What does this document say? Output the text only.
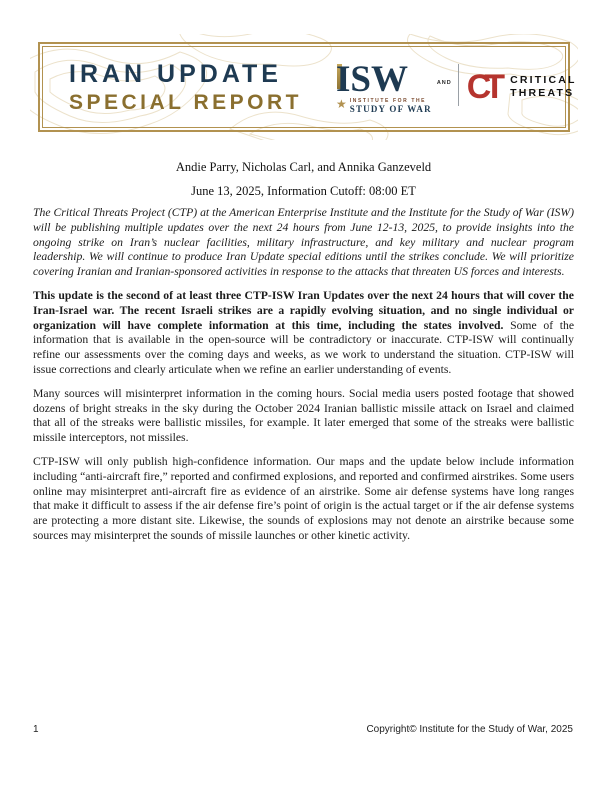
IRAN UPDATE
SPECIAL REPORT
ISW
★ INSTITUTE FOR THE
STUDY OF WAR
AND CT	CRITICAL
THREATS
Andie Parry, Nicholas Carl, and Annika Ganzeveld
June 13, 2025, Information Cutoff: 08:00 ET

The Critical Threats Project (CTP) at the American Enterprise Institute and the Institute for the Study of War (ISW) will be publishing multiple updates over the next 24 hours from June 12-13, 2025, to provide insights into the ongoing strike on Iran’s nuclear facilities, military infrastructure, and key military and nuclear program leadership. We will continue to produce Iran Update special editions until the strikes conclude. We will prioritize covering Iranian and Iranian-sponsored activities in response to the attacks that threaten US forces and interests.

This update is the second of at least three CTP-ISW Iran Updates over the next 24 hours that will cover the Iran-Israel war. The recent Israeli strikes are a rapidly evolving situation, and no single individual or organization will have complete information at this time, including the states involved. Some of the information that is available in the open-source will be contradictory or inaccurate. CTP-ISW will continually refine our assessments over the coming days and weeks, as we work to understand the situation. CTP-ISW will issue corrections and clearly articulate when we refine an earlier understanding of events.

Many sources will misinterpret information in the coming hours. Social media users posted footage that showed dozens of bright streaks in the sky during the October 2024 Iranian ballistic missile attack on Israel and claimed that all of the streaks were ballistic missiles, for example. It later emerged that some of the streaks were ballistic missile interceptors, not missiles.

CTP-ISW will only publish high-confidence information. Our maps and the update below include information including “anti-aircraft fire,” reported and confirmed explosions, and reported and confirmed airstrikes. Some users online may misinterpret anti-aircraft fire as evidence of an airstrike. Some air defense systems have long ranges that make it difficult to assess if the air defense fire’s point of origin is the actual target or if the air defense systems are protecting a more distant site. Likewise, the sounds of explosions may not denote an airstrike because some sources may misinterpret the sounds of missile launches or other kinetic activity.

1	Copyright© Institute for the Study of War, 2025
